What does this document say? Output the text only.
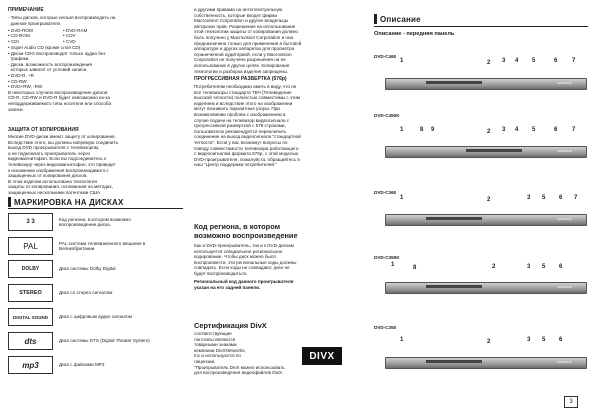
ПРИМЕЧАНИЕ

- Типы дисков, которые нельзя воспроизводить на
данном проигрывателе.

• DVD-ROM	• DVD-RAM
• CD-ROM	• CDV
• CDI	• CVD

• Super Audio CD (кроме слоя CD)
• Диски CDG воспроизводят только аудио без
графики.
- Диски, возможность воспроизведения
которых зависит от условий записи.
• DVD-R, +R
• CD-RW
• DVD+RW, -RW
В некоторых случаях воспроизведение дисков
CD-R, CD-RW и DVD-R будет невозможно из-за
неподдерживаемого типа носителя или способа
записи.

ЗАЩИТА ОТ КОПИРОВАНИЯ

Многие DVD-диски имеют защиту от копирования.
Вследствие этого, вы должны напрямую соединить
выход DVD проигрывателя с телевизором,
а не подключать проигрыватель через
видеомагнитофон. Если вы подсоединитесь к
телевизору через видеомагнитофон, это приведет
к искажению изображения воспроизводимого с
защищенных от копирования дисков.
В этом изделии использована технология
защиты от копирования, основанная на методах,
защищенных несколькими патентами США

МАРКИРОВКА НА ДИСКАХ
3 3	Код региона, в котором возможно воспроизведение диска.

PAL	PAL-система телевизионного вещания в Великобритании

DOLBY	Диск системы Dolby Digital

STEREO	Диск со стерео сигналом

DIGITAL SOUND	Диск с цифровым аудио сигналом

dts	Диск системы DTS (Digital Theater System)

mp3	Диск с файлами MP3

и другими правами на интеллектуальную
собственность, которые входят фирма
Macrovision Corporation и другие владельцы
авторских прав. Разрешение на использование
этой технологии защиты от копирования должно
быть получено у Macrovision Corporation и она
предназначена только для применения в бытовой
аппаратуре и других аппаратах для просмотра
ограниченной аудиторией, если у Macrovision
Corporation не получено разрешения на ее
использование в других целях. Копирование
технологии и разборка изделия запрещены.

ПРОГРЕССИВНАЯ РАЗВЕРТКА (576р)

Потребителям необходимо иметь в виду, что не
все телевизоры стандарта ТВЧ (Телевидение
высокой четкости) полностью совместимы с этим
изделием и вследствие этого на изображении
могут возникать паразитные узоры. При
возникновении проблем с изображением в
случае подачи на телевизор видеосигнала с
прогрессивной разверткой с 576 строками,
пользователю рекомендуется переключить
соединение на выход видеосигнала "стандартной
четкости". Если у вас возникнут вопросы по
поводу совместимости телевизора работающего
с видеосигналом формата 576р, с этой моделью
DVD-проигрывателя, пожалуйста, обращайтесь в
наш "Центр поддержки потребителей."

Код региона, в котором
возможно воспроизведение

Как и DVD-проигрыватель, так и к DVD-дискам
используется специальное региональное
кодирование. Чтобы диск можно было
воспроизвести, эти региональные коды должны
совпадать. Если коды не совпадают, диск не
будет воспроизводиться.

Региональный код данного проигрывателя
указан на его задней панели.

Сертификация DivX

соответствующие
логотипы являются
товарными знаками
компании DivXNetworks,
Inc и используются по
лицензии.
"Проигрыватель DivX можно использовать
для воспроизведения видеофайлов DivX.

DIVX
Описание

Описание - передняя панель

DVD-C460
SAMSUNG
1	2 3 4 5	6 7
DVD-C450K
SAMSUNG
1	8 9	2 3 4 5	6 7
DVD-C360
SAMSUNG
1	2	3 5 6 7
DVD-C350K
SAMSUNG
1	8	2	3 5 6
DVD-C350
SAMSUNG
1	2	3 5 6
3
